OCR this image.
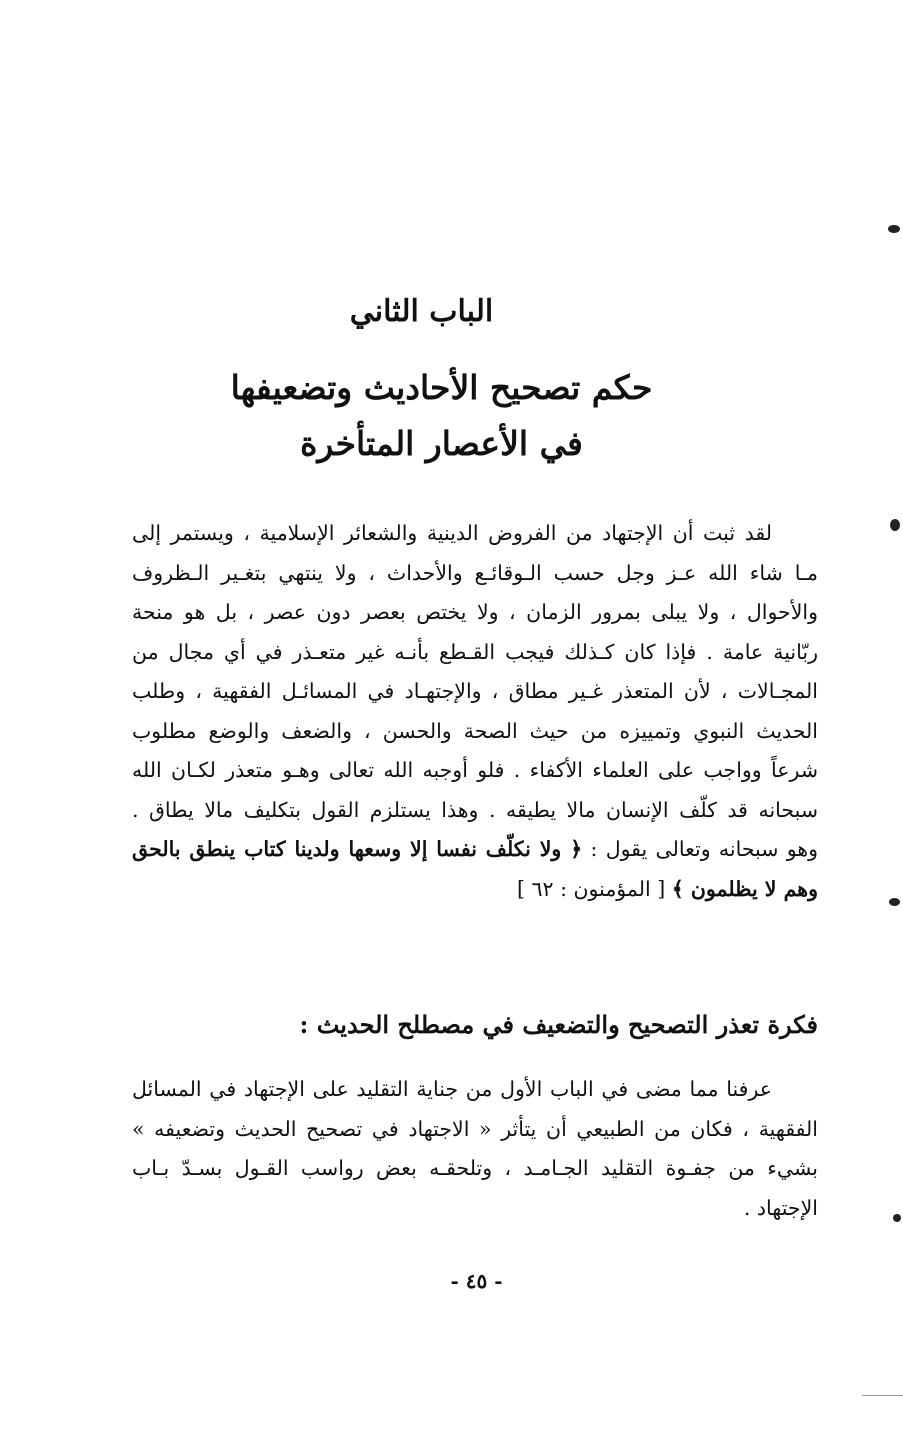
الباب الثاني
حكم تصحيح الأحاديث وتضعيفها
في الأعصار المتأخرة
لقد ثبت أن الإجتهاد من الفروض الدينية والشعائر الإسلامية ، ويستمر إلى
مـا شاء الله عـز وجل حسب الـوقائـع والأحداث ، ولا ينتهي بتغـير الـظروف
والأحوال ، ولا يبلى بمرور الزمان ، ولا يختص بعصر دون عصر ، بل هو منحة
ربّانية عامة . فإذا كان كـذلك فيجب القـطع بأنـه غير متعـذر في أي مجال من
المجـالات ، لأن المتعذر غـير مطاق ، والإجتهـاد في المسائـل الفقهية ، وطلب
الحديث النبوي وتمييزه من حيث الصحة والحسن ، والضعف والوضع مطلوب
شرعاً وواجب على العلماء الأكفاء . فلو أوجبه الله تعالى وهـو متعذر لكـان الله
سبحانه قد كلّف الإنسان مالا يطيقه . وهذا يستلزم القول بتكليف مالا يطاق .
وهو سبحانه وتعالى يقول : ﴿ ولا نكلّف نفسا إلا وسعها ولدينا كتاب ينطق بالحق
وهم لا يظلمون ﴾ [ المؤمنون : ٦٢ ]
فكرة تعذر التصحيح والتضعيف في مصطلح الحديث :
عرفنا مما مضى في الباب الأول من جناية التقليد على الإجتهاد في المسائل
الفقهية ، فكان من الطبيعي أن يتأثر « الاجتهاد في تصحيح الحديث وتضعيفه »
بشيء من جفـوة التقليد الجـامـد ، وتلحقـه بعض رواسب القـول بسـدّ بـاب
الإجتهاد .
- ٤٥ -
